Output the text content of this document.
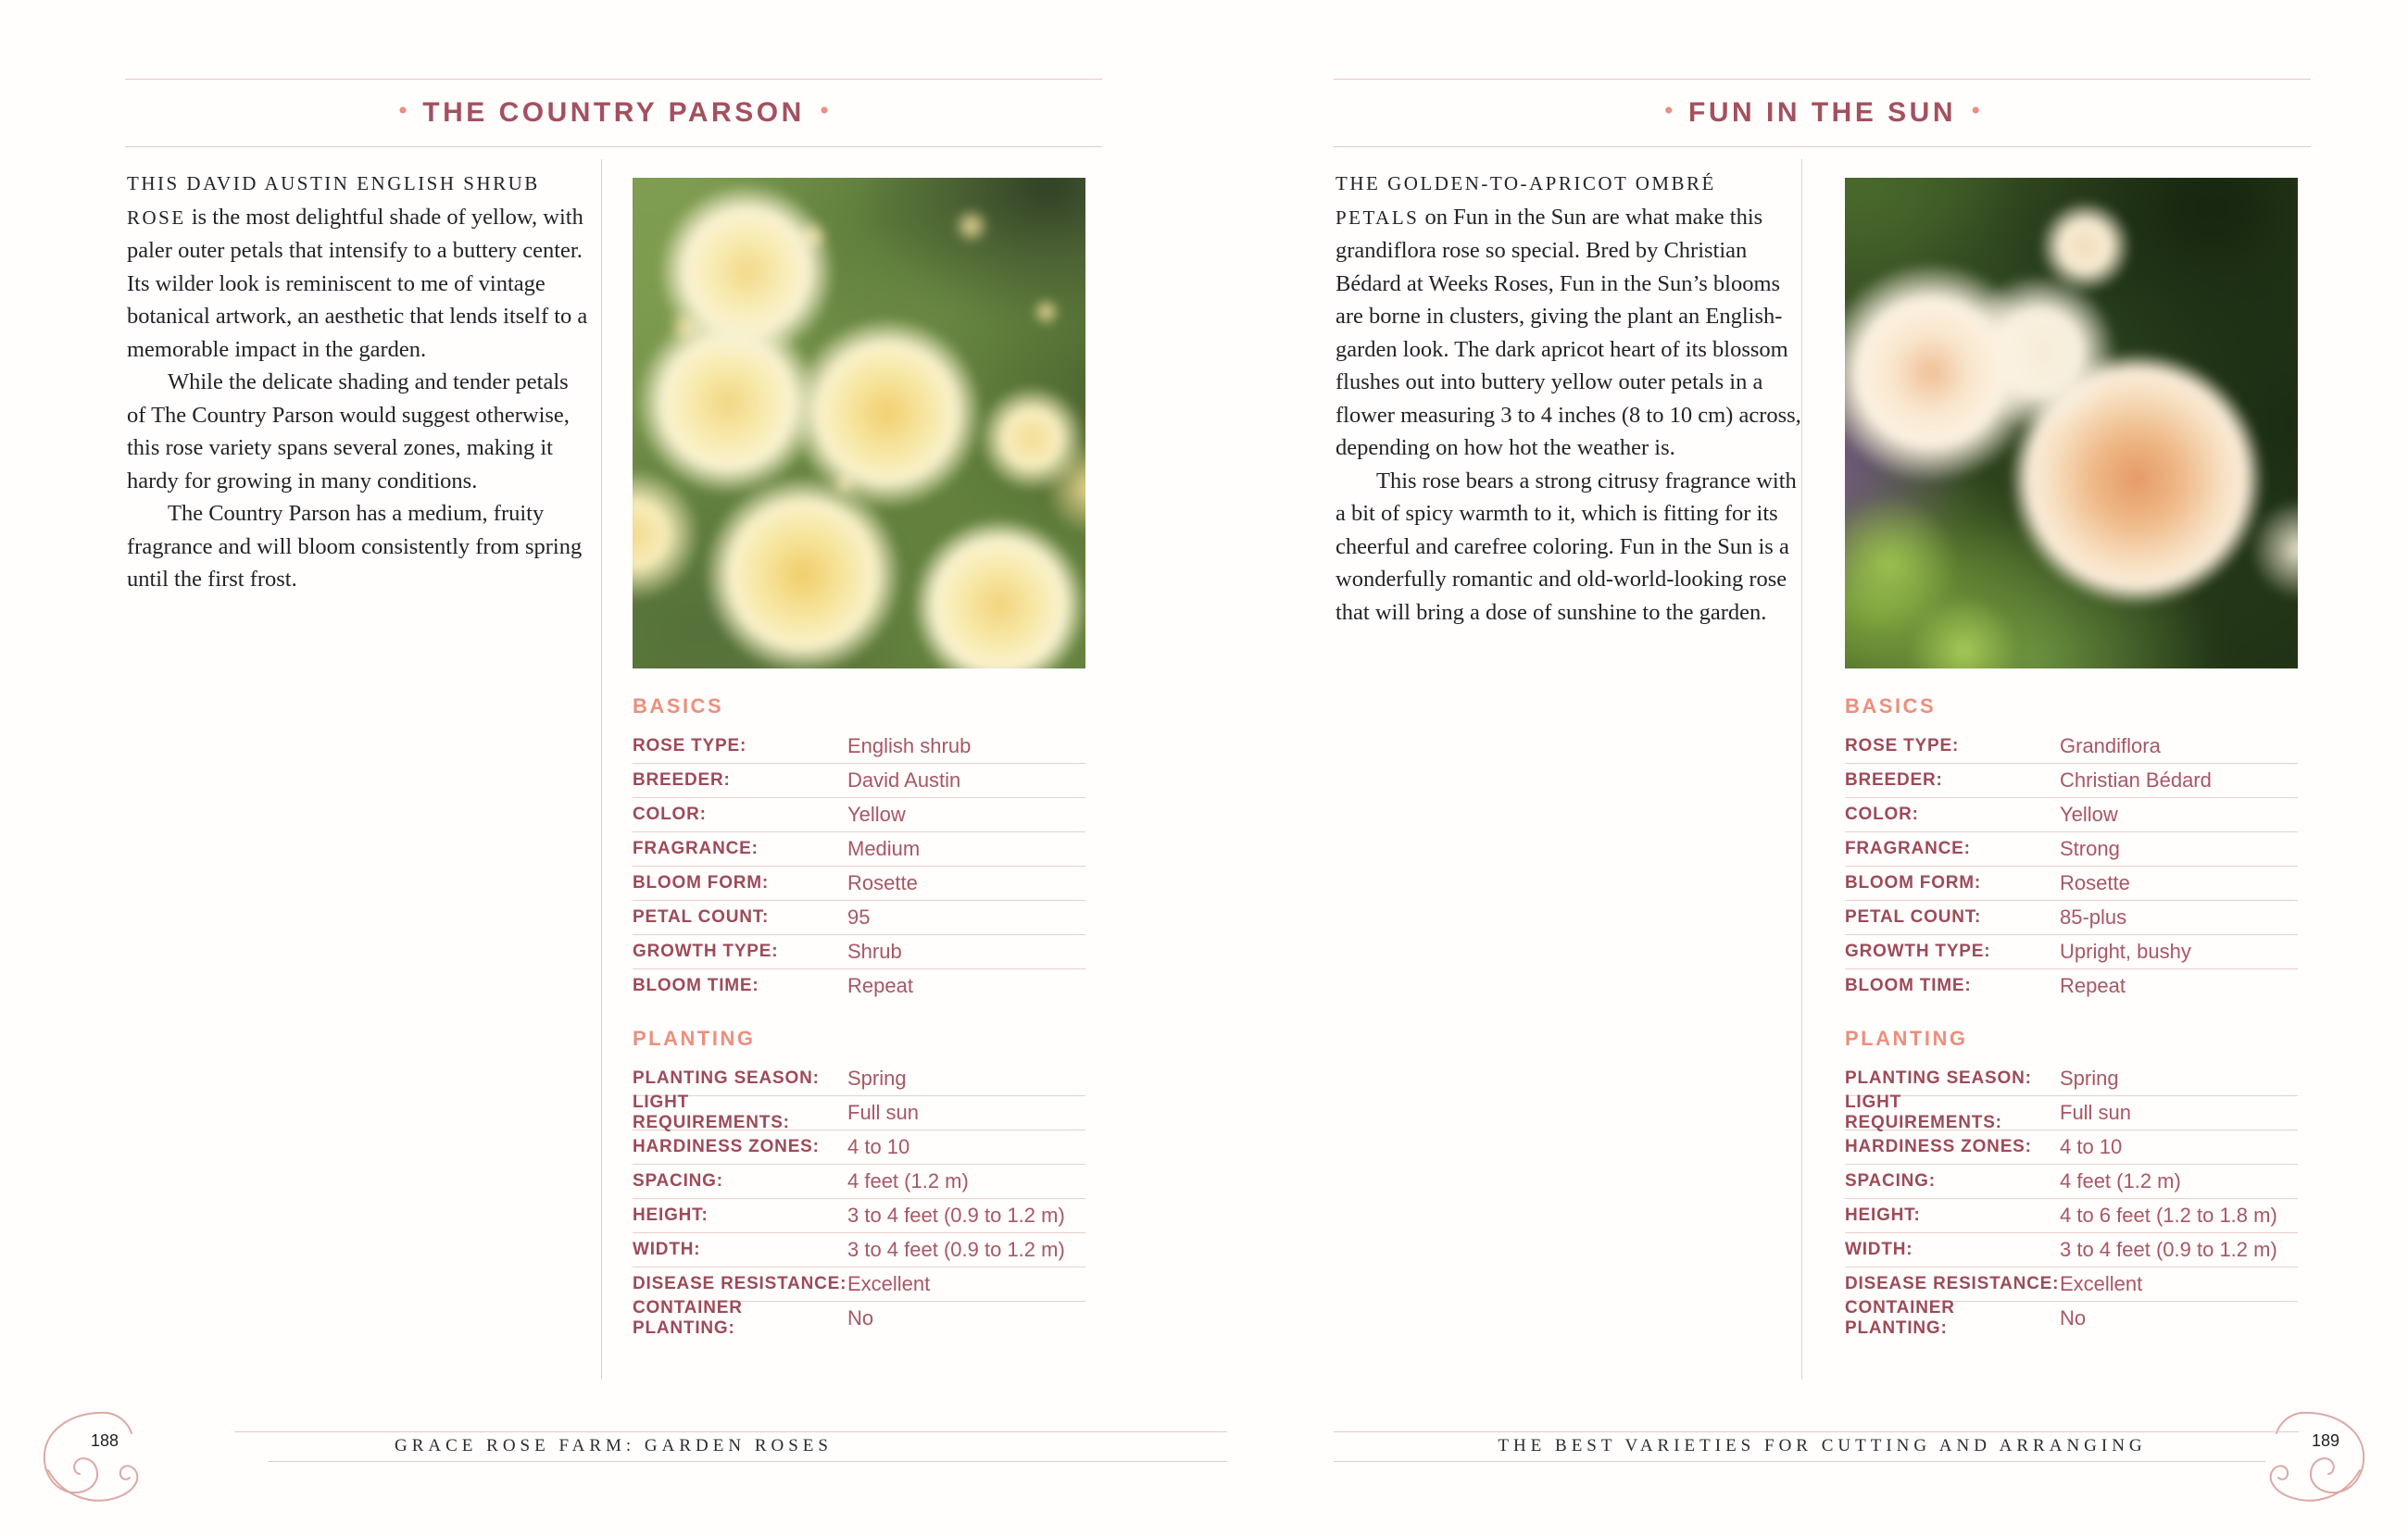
• THE COUNTRY PARSON •

THIS DAVID AUSTIN ENGLISH SHRUB ROSE is the most delightful shade of yellow, with paler outer petals that intensify to a buttery center. Its wilder look is reminiscent to me of vintage botanical artwork, an aesthetic that lends itself to a memorable impact in the garden.

While the delicate shading and tender petals of The Country Parson would suggest otherwise, this rose variety spans several zones, making it hardy for growing in many conditions.

The Country Parson has a medium, fruity fragrance and will bloom consistently from spring until the first frost.

BASICS
ROSE TYPE:	English shrub
BREEDER:	David Austin
COLOR:	Yellow
FRAGRANCE:	Medium
BLOOM FORM:	Rosette
PETAL COUNT:	95
GROWTH TYPE:	Shrub
BLOOM TIME:	Repeat
PLANTING
PLANTING SEASON:	Spring
LIGHT REQUIREMENTS:	Full sun
HARDINESS ZONES:	4 to 10
SPACING:	4 feet (1.2 m)
HEIGHT:	3 to 4 feet (0.9 to 1.2 m)
WIDTH:	3 to 4 feet (0.9 to 1.2 m)
DISEASE RESISTANCE: Excellent
CONTAINER PLANTING:	No
• FUN IN THE SUN •

THE GOLDEN-TO-APRICOT OMBRÉ PETALS on Fun in the Sun are what make this grandiflora rose so special. Bred by Christian Bédard at Weeks Roses, Fun in the Sun’s blooms are borne in clusters, giving the plant an English-garden look. The dark apricot heart of its blossom flushes out into buttery yellow outer petals in a flower measuring 3 to 4 inches (8 to 10 cm) across, depending on how hot the weather is.

This rose bears a strong citrusy fragrance with a bit of spicy warmth to it, which is fitting for its cheerful and carefree coloring. Fun in the Sun is a wonderfully romantic and old-world-looking rose that will bring a dose of sunshine to the garden.

BASICS
ROSE TYPE:	Grandiflora
BREEDER:	Christian Bédard
COLOR:	Yellow
FRAGRANCE:	Strong
BLOOM FORM:	Rosette
PETAL COUNT:	85-plus
GROWTH TYPE:	Upright, bushy
BLOOM TIME:	Repeat
PLANTING
PLANTING SEASON:	Spring
LIGHT REQUIREMENTS:	Full sun
HARDINESS ZONES:	4 to 10
SPACING:	4 feet (1.2 m)
HEIGHT:	4 to 6 feet (1.2 to 1.8 m)
WIDTH:	3 to 4 feet (0.9 to 1.2 m)
DISEASE RESISTANCE: Excellent
CONTAINER PLANTING:	No
188	GRACE ROSE FARM: GARDEN ROSES	THE BEST VARIETIES FOR CUTTING AND ARRANGING	189
